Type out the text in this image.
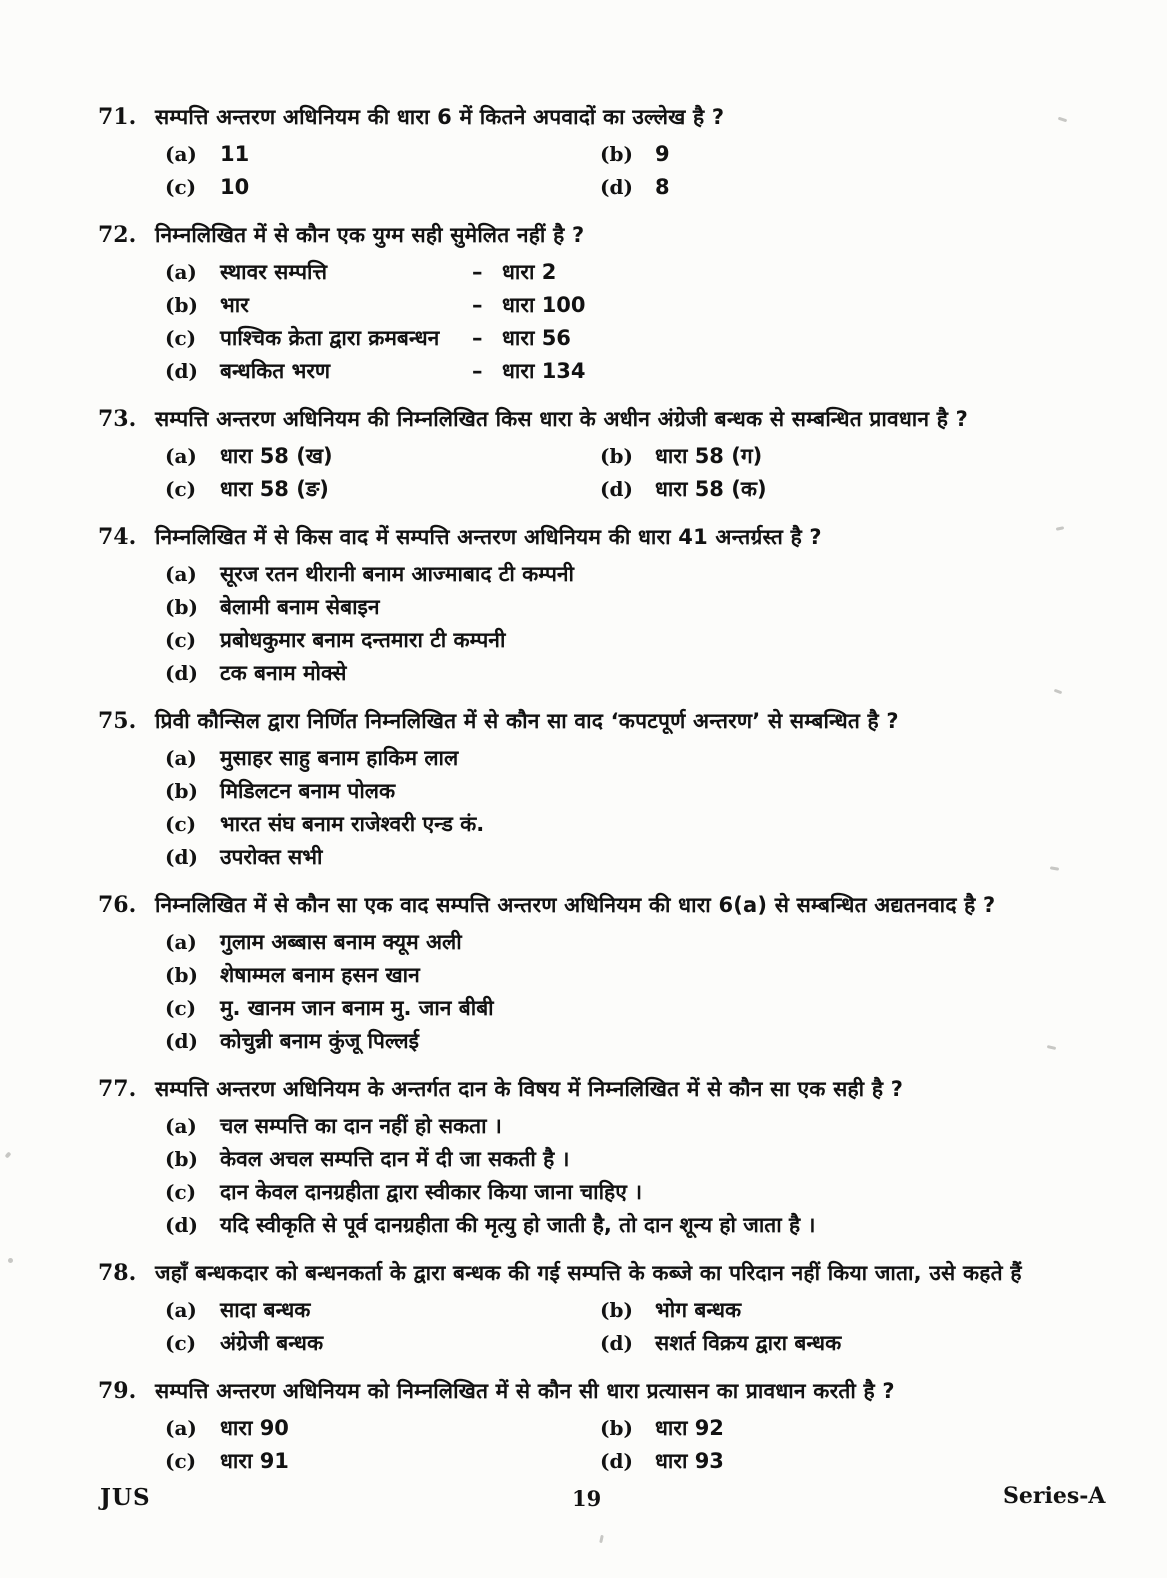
71. सम्पत्ति अन्तरण अधिनियम की धारा 6 में कितने अपवादों का उल्लेख है ?
(a)	11	(b)	9
(c)	10	(d)	8
72. निम्नलिखित में से कौन एक युग्म सही सुमेलित नहीं है ?
(a)	स्थावर सम्पत्ति	– धारा 2
(b)	भार	– धारा 100
(c)	पाश्चिक क्रेता द्वारा क्रमबन्धन	– धारा 56
(d)	बन्धकित भरण	– धारा 134
73. सम्पत्ति अन्तरण अधिनियम की निम्नलिखित किस धारा के अधीन अंग्रेजी बन्धक से सम्बन्धित प्रावधान है ?
(a)	धारा 58 (ख)	(b)	धारा 58 (ग)
(c)	धारा 58 (ङ)	(d)	धारा 58 (क)
74. निम्नलिखित में से किस वाद में सम्पत्ति अन्तरण अधिनियम की धारा 41 अन्तर्ग्रस्त है ?
(a)	सूरज रतन थीरानी बनाम आज्माबाद टी कम्पनी
(b)	बेलामी बनाम सेबाइन
(c)	प्रबोधकुमार बनाम दन्तमारा टी कम्पनी
(d)	टक बनाम मोक्से
75. प्रिवी कौन्सिल द्वारा निर्णित निम्नलिखित में से कौन सा वाद ‘कपटपूर्ण अन्तरण’ से सम्बन्धित है ?
(a)	मुसाहर साहु बनाम हाकिम लाल
(b)	मिडिलटन बनाम पोलक
(c)	भारत संघ बनाम राजेश्वरी एन्ड कं.
(d)	उपरोक्त सभी
76. निम्नलिखित में से कौन सा एक वाद सम्पत्ति अन्तरण अधिनियम की धारा 6(a) से सम्बन्धित अद्यतनवाद है ?
(a)	गुलाम अब्बास बनाम क्यूम अली
(b)	शेषाम्मल बनाम हसन खान
(c)	मु. खानम जान बनाम मु. जान बीबी
(d)	कोचुन्नी बनाम कुंजू पिल्लई
77. सम्पत्ति अन्तरण अधिनियम के अन्तर्गत दान के विषय में निम्नलिखित में से कौन सा एक सही है ?
(a)	चल सम्पत्ति का दान नहीं हो सकता ।
(b)	केवल अचल सम्पत्ति दान में दी जा सकती है ।
(c)	दान केवल दानग्रहीता द्वारा स्वीकार किया जाना चाहिए ।
(d)	यदि स्वीकृति से पूर्व दानग्रहीता की मृत्यु हो जाती है, तो दान शून्य हो जाता है ।
78. जहाँ बन्धकदार को बन्धनकर्ता के द्वारा बन्धक की गई सम्पत्ति के कब्जे का परिदान नहीं किया जाता, उसे कहते हैं
(a)	सादा बन्धक	(b)	भोग बन्धक
(c)	अंग्रेजी बन्धक	(d)	सशर्त विक्रय द्वारा बन्धक
79. सम्पत्ति अन्तरण अधिनियम को निम्नलिखित में से कौन सी धारा प्रत्यासन का प्रावधान करती है ?
(a)	धारा 90	(b)	धारा 92
(c)	धारा 91	(d)	धारा 93
JUS	19	Series-A
